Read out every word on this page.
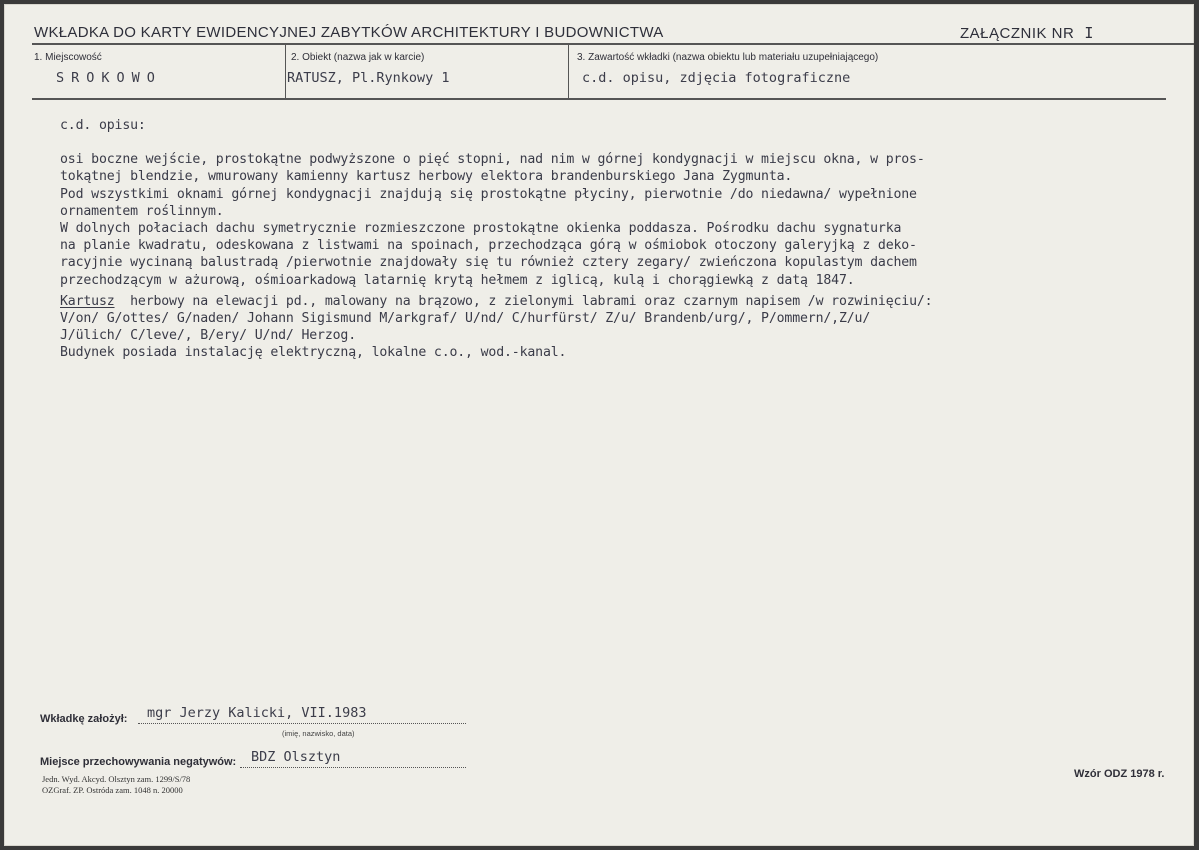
WKŁADKA DO KARTY EWIDENCYJNEJ ZABYTKÓW ARCHITEKTURY I BUDOWNICTWA	ZAŁĄCZNIK NR I
1. Miejscowość
SROKOWO
2. Obiekt (nazwa jak w karcie)
RATUSZ, Pl.Rynkowy 1
3. Zawartość wkładki (nazwa obiektu lub materiału uzupełniającego)
c.d. opisu, zdjęcia fotograficzne
c.d. opisu:
osi boczne wejście, prostokątne podwyższone o pięć stopni, nad nim w górnej kondygnacji w miejscu okna, w pros-
tokątnej blendzie, wmurowany kamienny kartusz herbowy elektora brandenburskiego Jana Zygmunta.
Pod wszystkimi oknami górnej kondygnacji znajdują się prostokątne płyciny, pierwotnie /do niedawna/ wypełnione
ornamentem roślinnym.
W dolnych połaciach dachu symetrycznie rozmieszczone prostokątne okienka poddasza. Pośrodku dachu sygnaturka
na planie kwadratu, odeskowana z listwami na spoinach, przechodząca górą w ośmiobok otoczony galeryjką z deko-
racyjnie wycinaną balustradą /pierwotnie znajdowały się tu również cztery zegary/ zwieńczona kopulastym dachem
przechodzącym w ażurową, ośmioarkadową latarnię krytą hełmem z iglicą, kulą i chorągiewką z datą 1847.
Kartusz  herbowy na elewacji pd., malowany na brązowo, z zielonymi labrami oraz czarnym napisem /w rozwinięciu/:
V/on/ G/ottes/ G/naden/ Johann Sigismund M/arkgraf/ U/nd/ C/hurfürst/ Z/u/ Brandenb/urg/, P/ommern/,Z/u/
J/ülich/ C/leve/, B/ery/ U/nd/ Herzog.
Budynek posiada instalację elektryczną, lokalne c.o., wod.-kanal.
Wkładkę założył: mgr Jerzy Kalicki, VII.1983
(imię, nazwisko, data)
Miejsce przechowywania negatywów: BDZ Olsztyn
Jedn. Wyd. Akcyd. Olsztyn zam. 1299/S/78
OZGraf. ZP. Ostróda zam. 1048 n. 20000
Wzór ODZ 1978 r.
